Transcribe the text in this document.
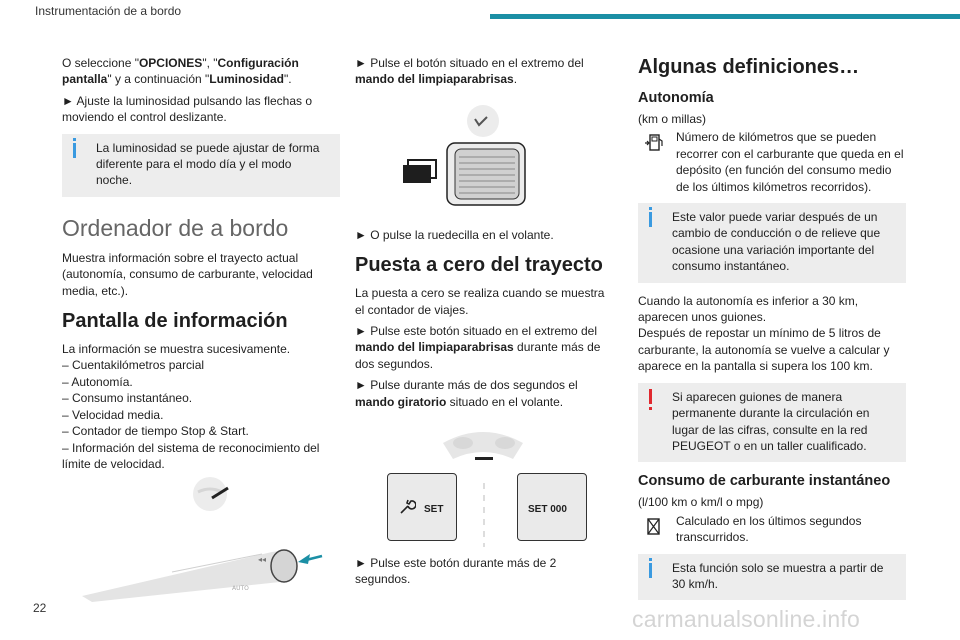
Instrumentación de a bordo

O seleccione "OPCIONES", "Configuración pantalla" y a continuación "Luminosidad".

► Ajuste la luminosidad pulsando las flechas o moviendo el control deslizante.

La luminosidad se puede ajustar de forma diferente para el modo día y el modo noche.
Ordenador de a bordo

Muestra información sobre el trayecto actual (autonomía, consumo de carburante, velocidad media, etc.).

Pantalla de información

La información se muestra sucesivamente.

– Cuentakilómetros parcial
– Autonomía.
– Consumo instantáneo.
– Velocidad media.
– Contador de tiempo Stop & Start.
– Información del sistema de reconocimiento del límite de velocidad.
◂◂
AUTO

► Pulse el botón situado en el extremo del mando del limpiaparabrisas.

► O pulse la ruedecilla en el volante.

Puesta a cero del trayecto

La puesta a cero se realiza cuando se muestra el contador de viajes.

► Pulse este botón situado en el extremo del mando del limpiaparabrisas durante más de dos segundos.

► Pulse durante más de dos segundos el mando giratorio situado en el volante.

SET	SET 000

► Pulse este botón durante más de 2 segundos.

Algunas definiciones…
Autonomía

(km o millas)

Número de kilómetros que se pueden recorrer con el carburante que queda en el depósito (en función del consumo medio de los últimos kilómetros recorridos).
Este valor puede variar después de un cambio de conducción o de relieve que ocasione una variación importante del consumo instantáneo.

Cuando la autonomía es inferior a 30 km, aparecen unos guiones.

Después de repostar un mínimo de 5 litros de carburante, la autonomía se vuelve a calcular y aparece en la pantalla si supera los 100 km.

Si aparecen guiones de manera permanente durante la circulación en lugar de las cifras, consulte en la red PEUGEOT o en un taller cualificado.
Consumo de carburante instantáneo

(l/100 km o km/l o mpg)

Calculado en los últimos segundos transcurridos.
Esta función solo se muestra a partir de 30 km/h.
22	carmanualsonline.info
